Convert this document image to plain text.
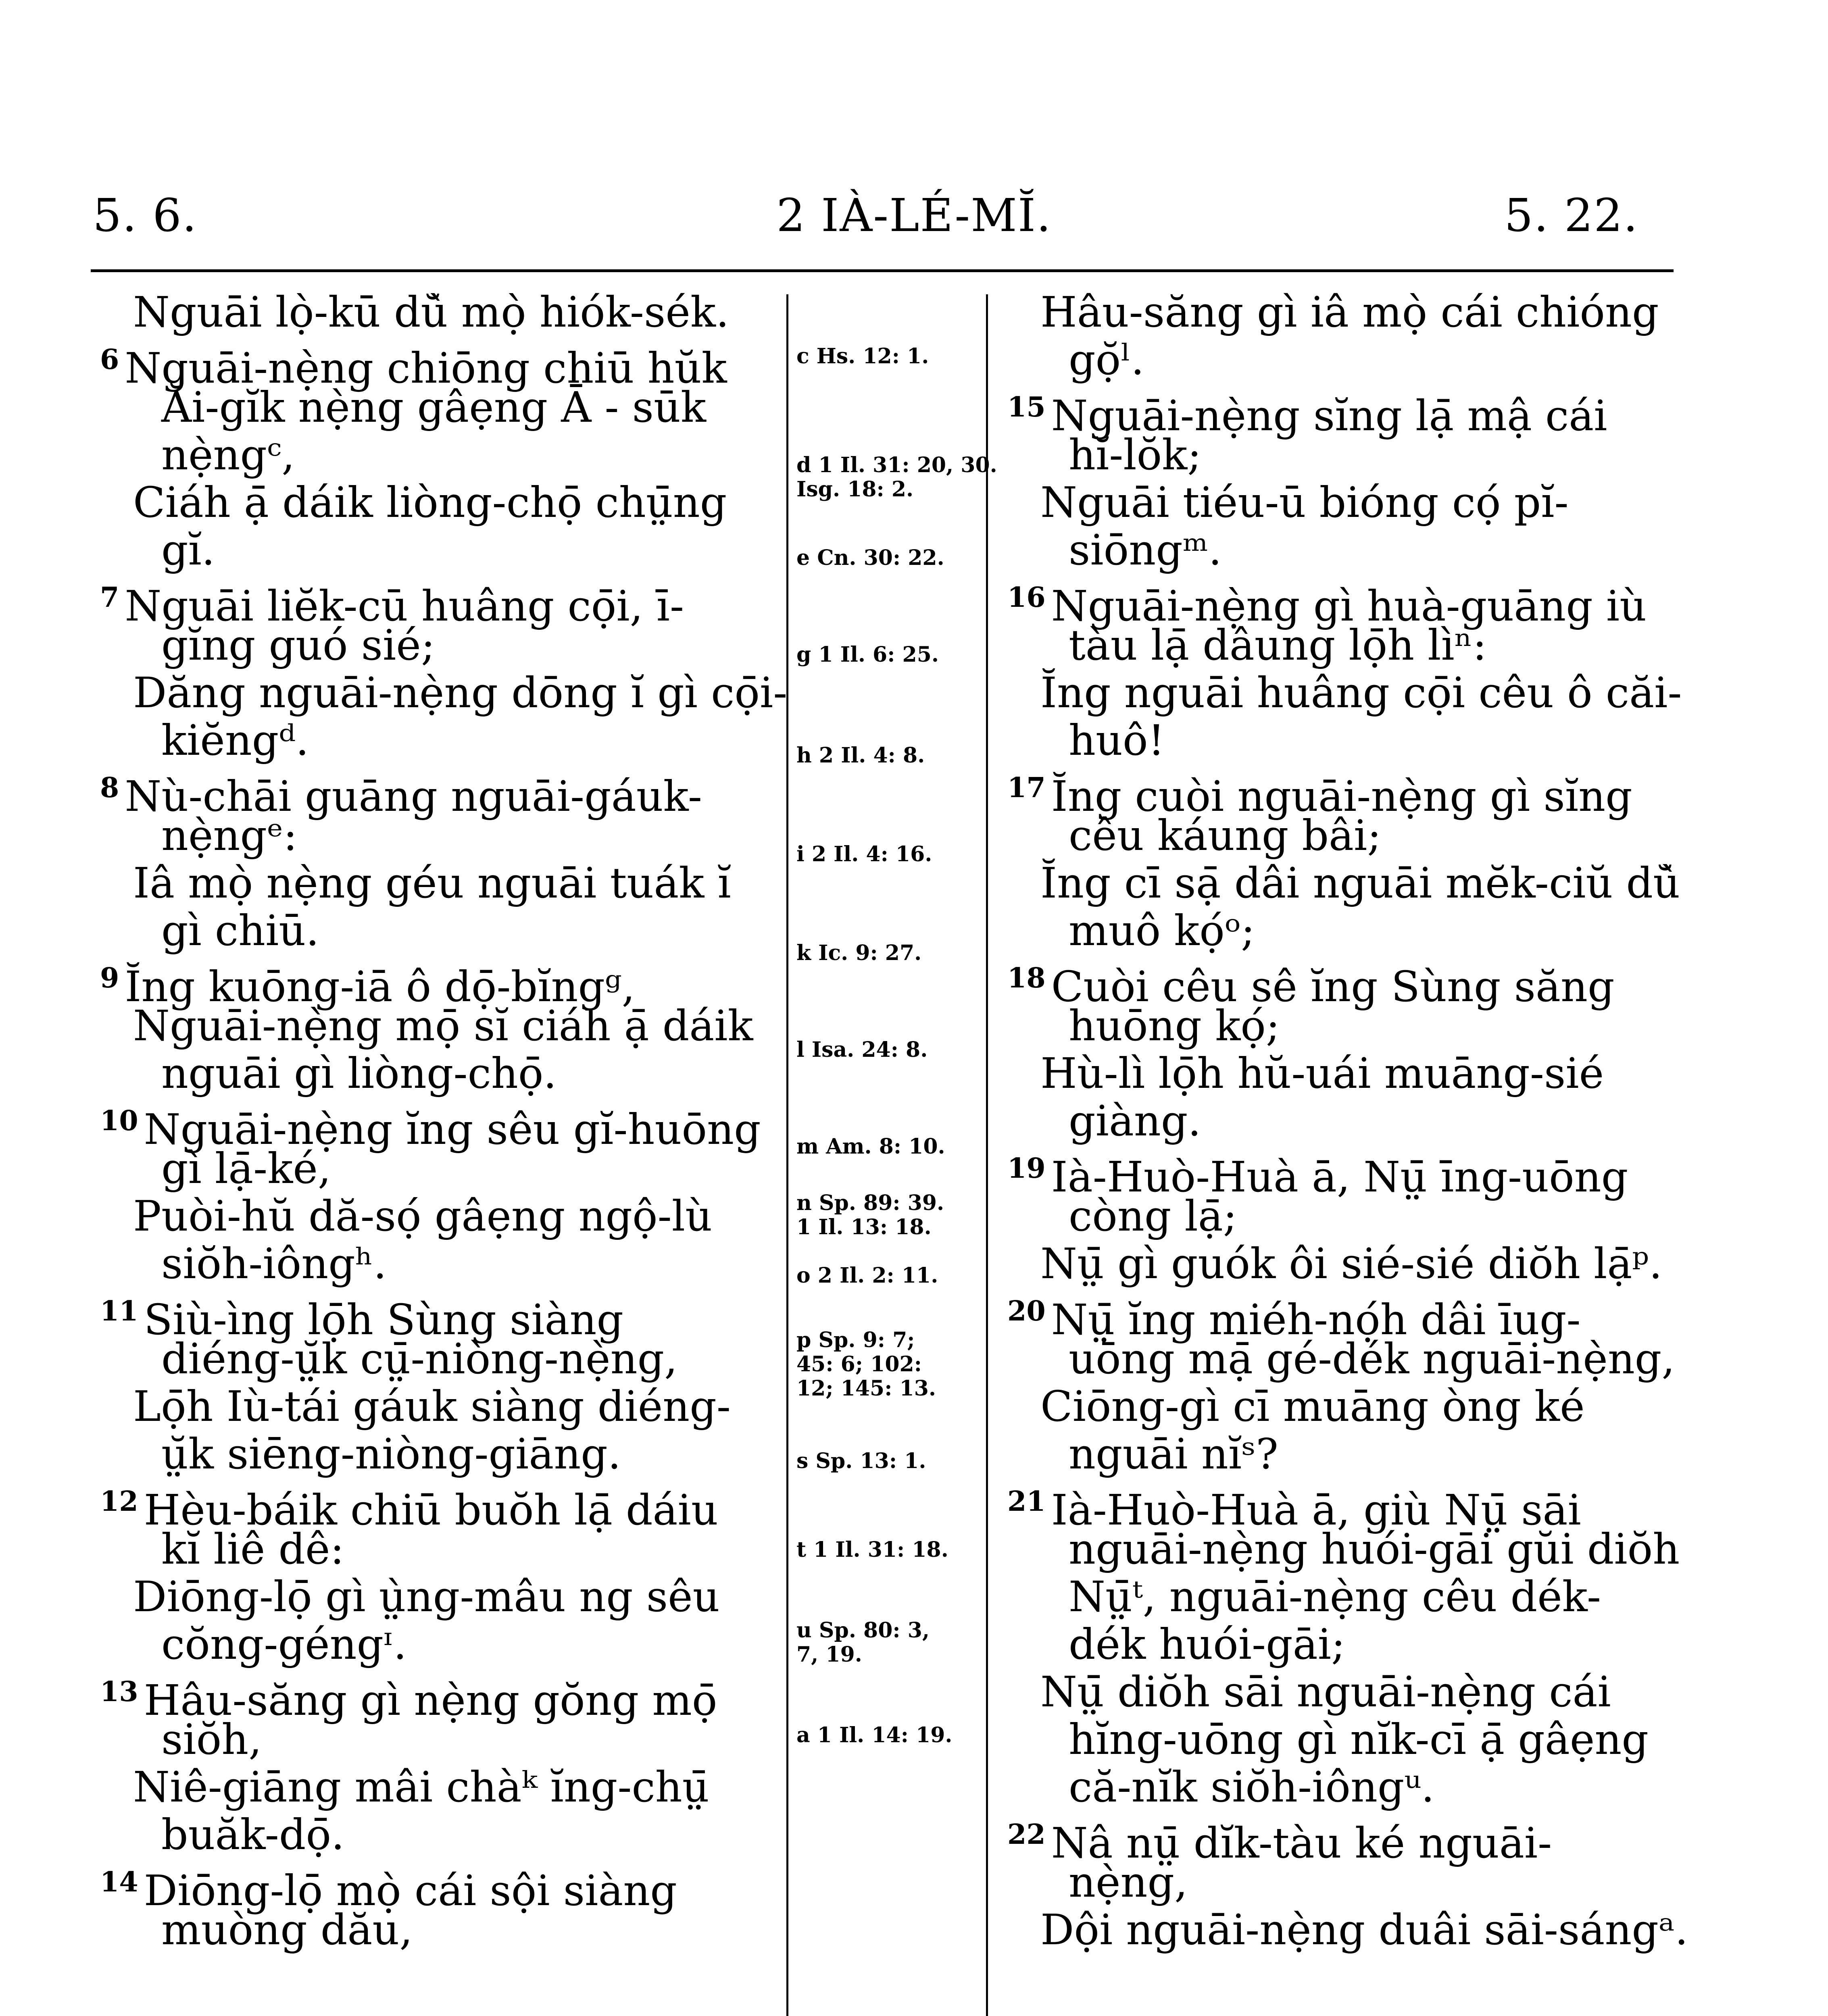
5. 6.	2 IÀ-LÉ-MĬ.	5. 22.
Nguāi lọ̀-kū dŭ̀ mọ̀ hiók-sék.
$^6$ Nguāi-nẹ̀ng chiōng chiū hŭk
Ăi-gĭk nẹ̀ng gâẹng Ā - sūk
nẹ̀ngᶜ,
Ciáh ạ̄ dáik liòng-chọ̄ chṳ̄ng
gĭ.
$^7$ Nguāi liĕk-cū huâng cọ̄i, ī-
gĭng guó sié;
Dăng nguāi-nẹ̀ng dōng ĭ gì cọ̄i-
kiĕngᵈ.
$^8$ Nù-chāi guāng nguāi-gáuk-
nẹ̀ngᵉ:
Iâ mọ̀ nẹ̀ng géu nguāi tuák ĭ
gì chiū.
$^9$ Ĭng kuōng-iā ô dọ̄-bĭngᵍ,
Nguāi-nẹ̀ng mọ̄ sĭ ciáh ạ̄ dáik
nguāi gì liòng-chọ̄.
$^{10}$ Nguāi-nẹ̀ng ĭng sêu gĭ-huōng
gì lạ̄-ké,
Puòi-hŭ dă-sọ́ gâẹng ngộ-lù
siŏh-iôngʰ.
$^{11}$ Siù-ìng lọ̄h Sùng siàng
diéng-ṳ̆k cṳ̄-niòng-nẹ̀ng,
Lọ̄h Iù-tái gáuk siàng diéng-
ṳ̆k siēng-niòng-giāng.
$^{12}$ Hèu-báik chiū buŏh lạ̄ dáiu
kĭ liê dê:
Diōng-lọ̄ gì ṳ̀ng-mâu ng sêu
cŏng-géngᶦ.
$^{13}$ Hâu-săng gì nẹ̀ng gŏng mọ̄
siŏh,
Niê-giāng mâi chàᵏ ĭng-chṳ̄
buăk-dọ̄.
$^{14}$ Diōng-lọ̄ mọ̀ cái sội siàng
muòng dău,
c Hs. 12: 1.
d 1 Il. 31: 20, 30.
Isg. 18: 2.
e Cn. 30: 22.
g 1 Il. 6: 25.
h 2 Il. 4: 8.
i 2 Il. 4: 16.
k Ic. 9: 27.
l Isa. 24: 8.
m Am. 8: 10.
n Sp. 89: 39.
1 Il. 13: 18.
o 2 Il. 2: 11.
p Sp. 9: 7;
45: 6; 102:
12; 145: 13.
s Sp. 13: 1.
t 1 Il. 31: 18.
u Sp. 80: 3,
7, 19.
a 1 Il. 14: 19.
Hâu-săng gì iâ mọ̀ cái chióng
gọ̆ˡ.
$^{15}$ Nguāi-nẹ̀ng sĭng lạ̄ mậ cái
hĭ-lŏk;
Nguāi tiéu-ū bióng cọ́ pĭ-
siōngᵐ.
$^{16}$ Nguāi-nẹ̀ng gì huà-guāng iù
tàu lạ̄ dâung lọ̄h lìⁿ:
Ĭng nguāi huâng cọ̄i cêu ô căi-
huô!
$^{17}$ Ĭng cuòi nguāi-nẹ̀ng gì sĭng
cêu káung bâi;
Ĭng cī sạ̄ dâi nguāi mĕk-ciŭ dŭ̀
muô kọ́ᵒ;
$^{18}$ Cuòi cêu sê ĭng Sùng săng
huōng kọ́;
Hù-lì lọ̄h hŭ-uái muāng-sié
giàng.
$^{19}$ Ià-Huò-Huà ā, Nṳ̄ īng-uōng
còng lạ̄;
Nṳ̄ gì guók ôi sié-sié diŏh lạ̄ᵖ.
$^{20}$ Nṳ̄ ĭng miéh-nọ́h dâi īug-
uōng mạ̄ gé-dék nguāi-nẹ̀ng,
Ciōng-gì cī muāng òng ké
nguāi nĭˢ?
$^{21}$ Ià-Huò-Huà ā, giù Nṳ̄ sāi
nguāi-nẹ̀ng huói-gāi gŭi diŏh
Nṳ̄ᵗ, nguāi-nẹ̀ng cêu dék-
dék huói-gāi;
Nṳ̄ diŏh sāi nguāi-nẹ̀ng cái
hĭng-uōng gì nĭk-cī ạ̄ gâẹng
că-nĭk siŏh-iôngᵘ.
$^{22}$ Nâ nṳ̄ dĭk-tàu ké nguāi-
nẹ̀ng,
Dội nguāi-nẹ̀ng duâi sāi-sángᵃ.
